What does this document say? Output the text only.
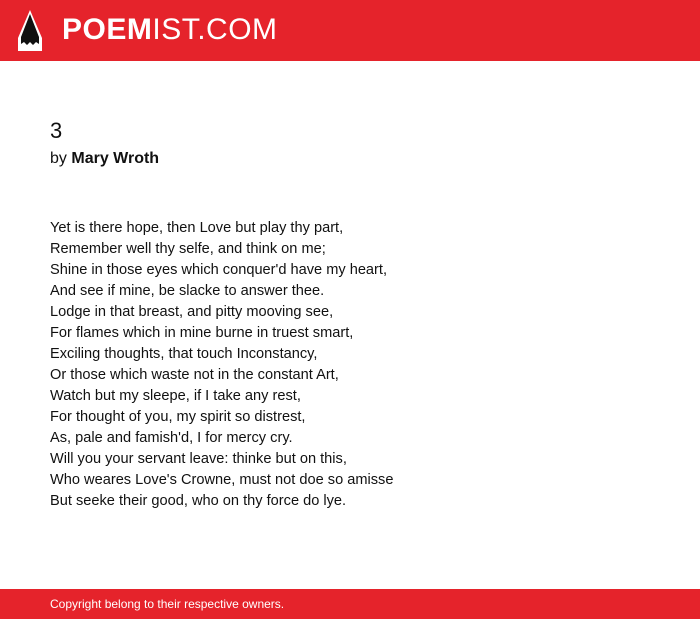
POEMIST.COM
3
by Mary Wroth
Yet is there hope, then Love but play thy part,
Remember well thy selfe, and think on me;
Shine in those eyes which conquer'd have my heart,
And see if mine, be slacke to answer thee.
Lodge in that breast, and pitty mooving see,
For flames which in mine burne in truest smart,
Exciling thoughts, that touch Inconstancy,
Or those which waste not in the constant Art,
Watch but my sleepe, if I take any rest,
For thought of you, my spirit so distrest,
As, pale and famish'd, I for mercy cry.
Will you your servant leave: thinke but on this,
Who weares Love's Crowne, must not doe so amisse
But seeke their good, who on thy force do lye.
Copyright belong to their respective owners.
